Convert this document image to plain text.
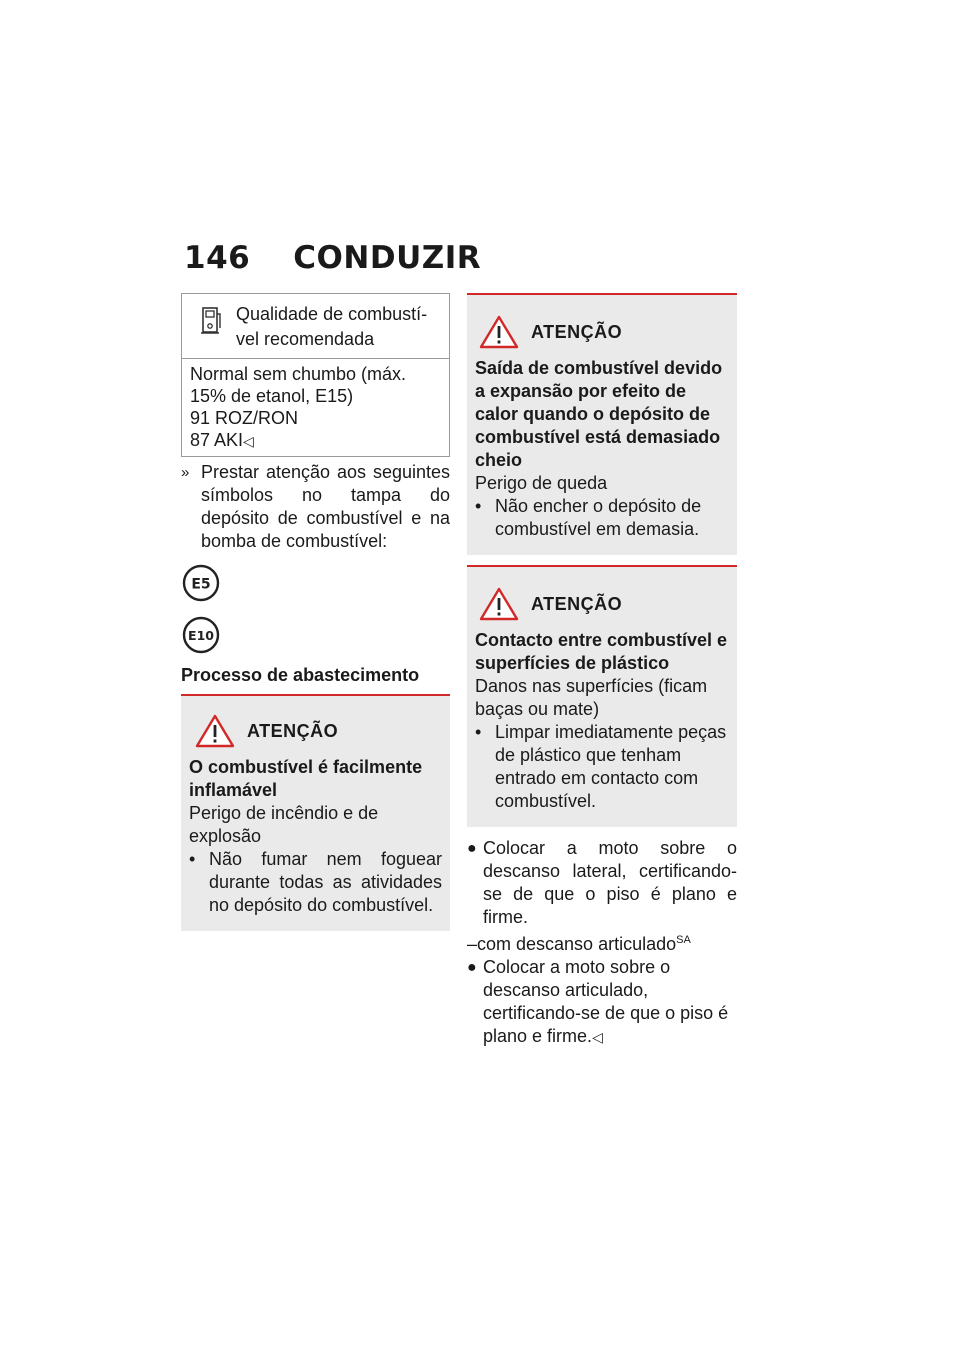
146 CONDUZIR
Qualidade de combustí-vel recomendada
Normal sem chumbo (máx.
15% de etanol, E15)
91 ROZ/RON
87 AKI◁
» Prestar atenção aos seguintes símbolos no tampa do depósito de combustível e na bomba de combustível:
E5
E10
Processo de abastecimento
ATENÇÃO
O combustível é facilmente inflamável
Perigo de incêndio e de explosão
• Não fumar nem foguear durante todas as atividades no depósito do combustível.
ATENÇÃO
Saída de combustível devido a expansão por efeito de calor quando o depósito de combustível está demasiado cheio
Perigo de queda
• Não encher o depósito de combustível em demasia.
ATENÇÃO
Contacto entre combustível e superfícies de plástico
Danos nas superfícies (ficam baças ou mate)
• Limpar imediatamente peças de plástico que tenham entrado em contacto com combustível.
● Colocar a moto sobre o descanso lateral, certificando-se de que o piso é plano e firme.
–com descanso articulado$^{SA}$
● Colocar a moto sobre o descanso articulado, certificando-se de que o piso é plano e firme.◁
